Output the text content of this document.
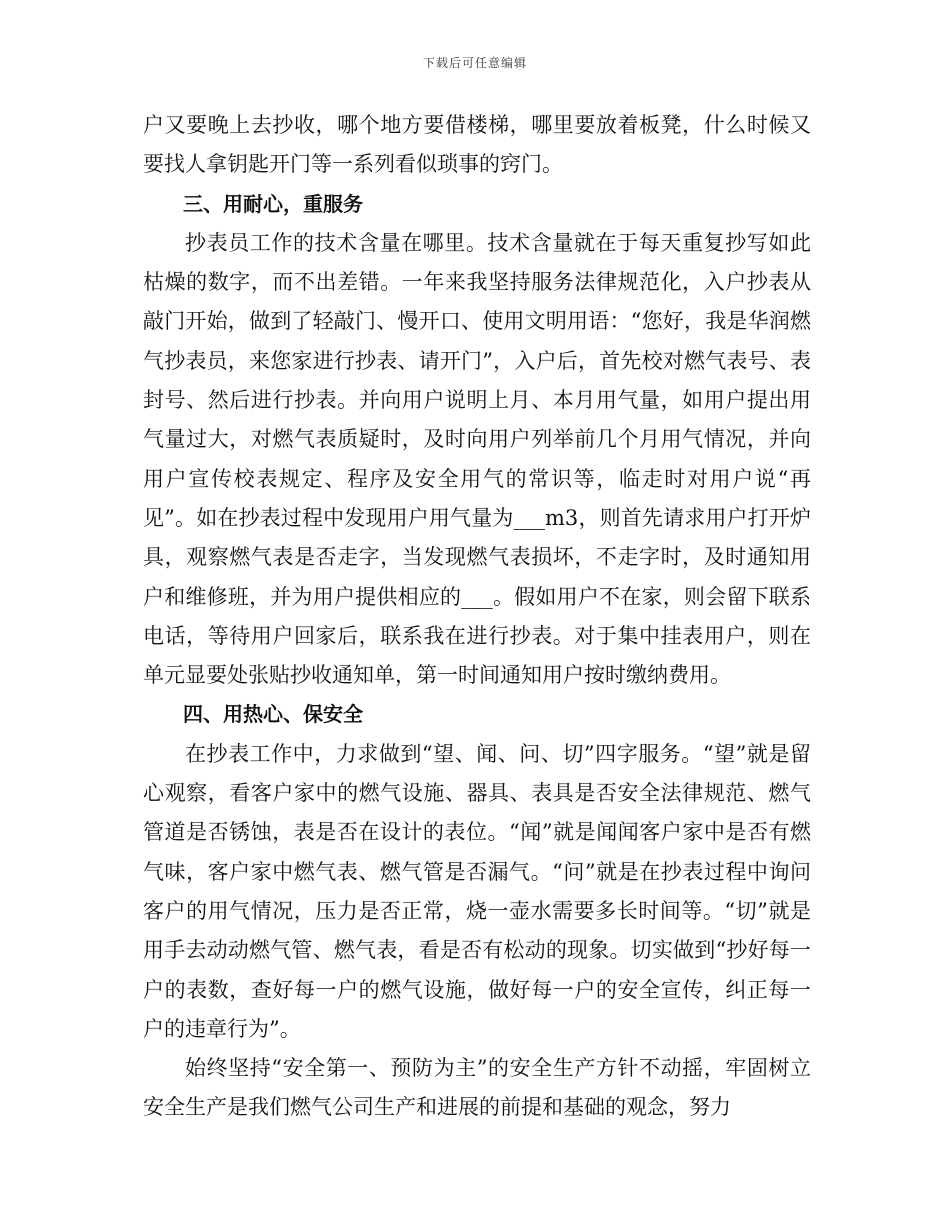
下载后可任意编辑

户又要晚上去抄收，哪个地方要借楼梯，哪里要放着板凳，什么时候又要找人拿钥匙开门等一系列看似琐事的窍门。

三、用耐心，重服务

抄表员工作的技术含量在哪里。技术含量就在于每天重复抄写如此枯燥的数字，而不出差错。一年来我坚持服务法律规范化，入户抄表从敲门开始，做到了轻敲门、慢开口、使用文明用语：“您好，我是华润燃气抄表员，来您家进行抄表、请开门”，入户后，首先校对燃气表号、表封号、然后进行抄表。并向用户说明上月、本月用气量，如用户提出用气量过大，对燃气表质疑时，及时向用户列举前几个月用气情况，并向用户宣传校表规定、程序及安全用气的常识等，临走时对用户说“再见”。如在抄表过程中发现用户用气量为___m3，则首先请求用户打开炉具，观察燃气表是否走字，当发现燃气表损坏，不走字时，及时通知用户和维修班，并为用户提供相应的___。假如用户不在家，则会留下联系电话，等待用户回家后，联系我在进行抄表。对于集中挂表用户，则在单元显要处张贴抄收通知单，第一时间通知用户按时缴纳费用。

四、用热心、保安全

在抄表工作中，力求做到“望、闻、问、切”四字服务。“望”就是留心观察，看客户家中的燃气设施、器具、表具是否安全法律规范、燃气管道是否锈蚀，表是否在设计的表位。“闻”就是闻闻客户家中是否有燃气味，客户家中燃气表、燃气管是否漏气。“问”就是在抄表过程中询问客户的用气情况，压力是否正常，烧一壶水需要多长时间等。“切”就是用手去动动燃气管、燃气表，看是否有松动的现象。切实做到“抄好每一户的表数，查好每一户的燃气设施，做好每一户的安全宣传，纠正每一户的违章行为”。

始终坚持“安全第一、预防为主”的安全生产方针不动摇，牢固树立安全生产是我们燃气公司生产和进展的前提和基础的观念，努力
